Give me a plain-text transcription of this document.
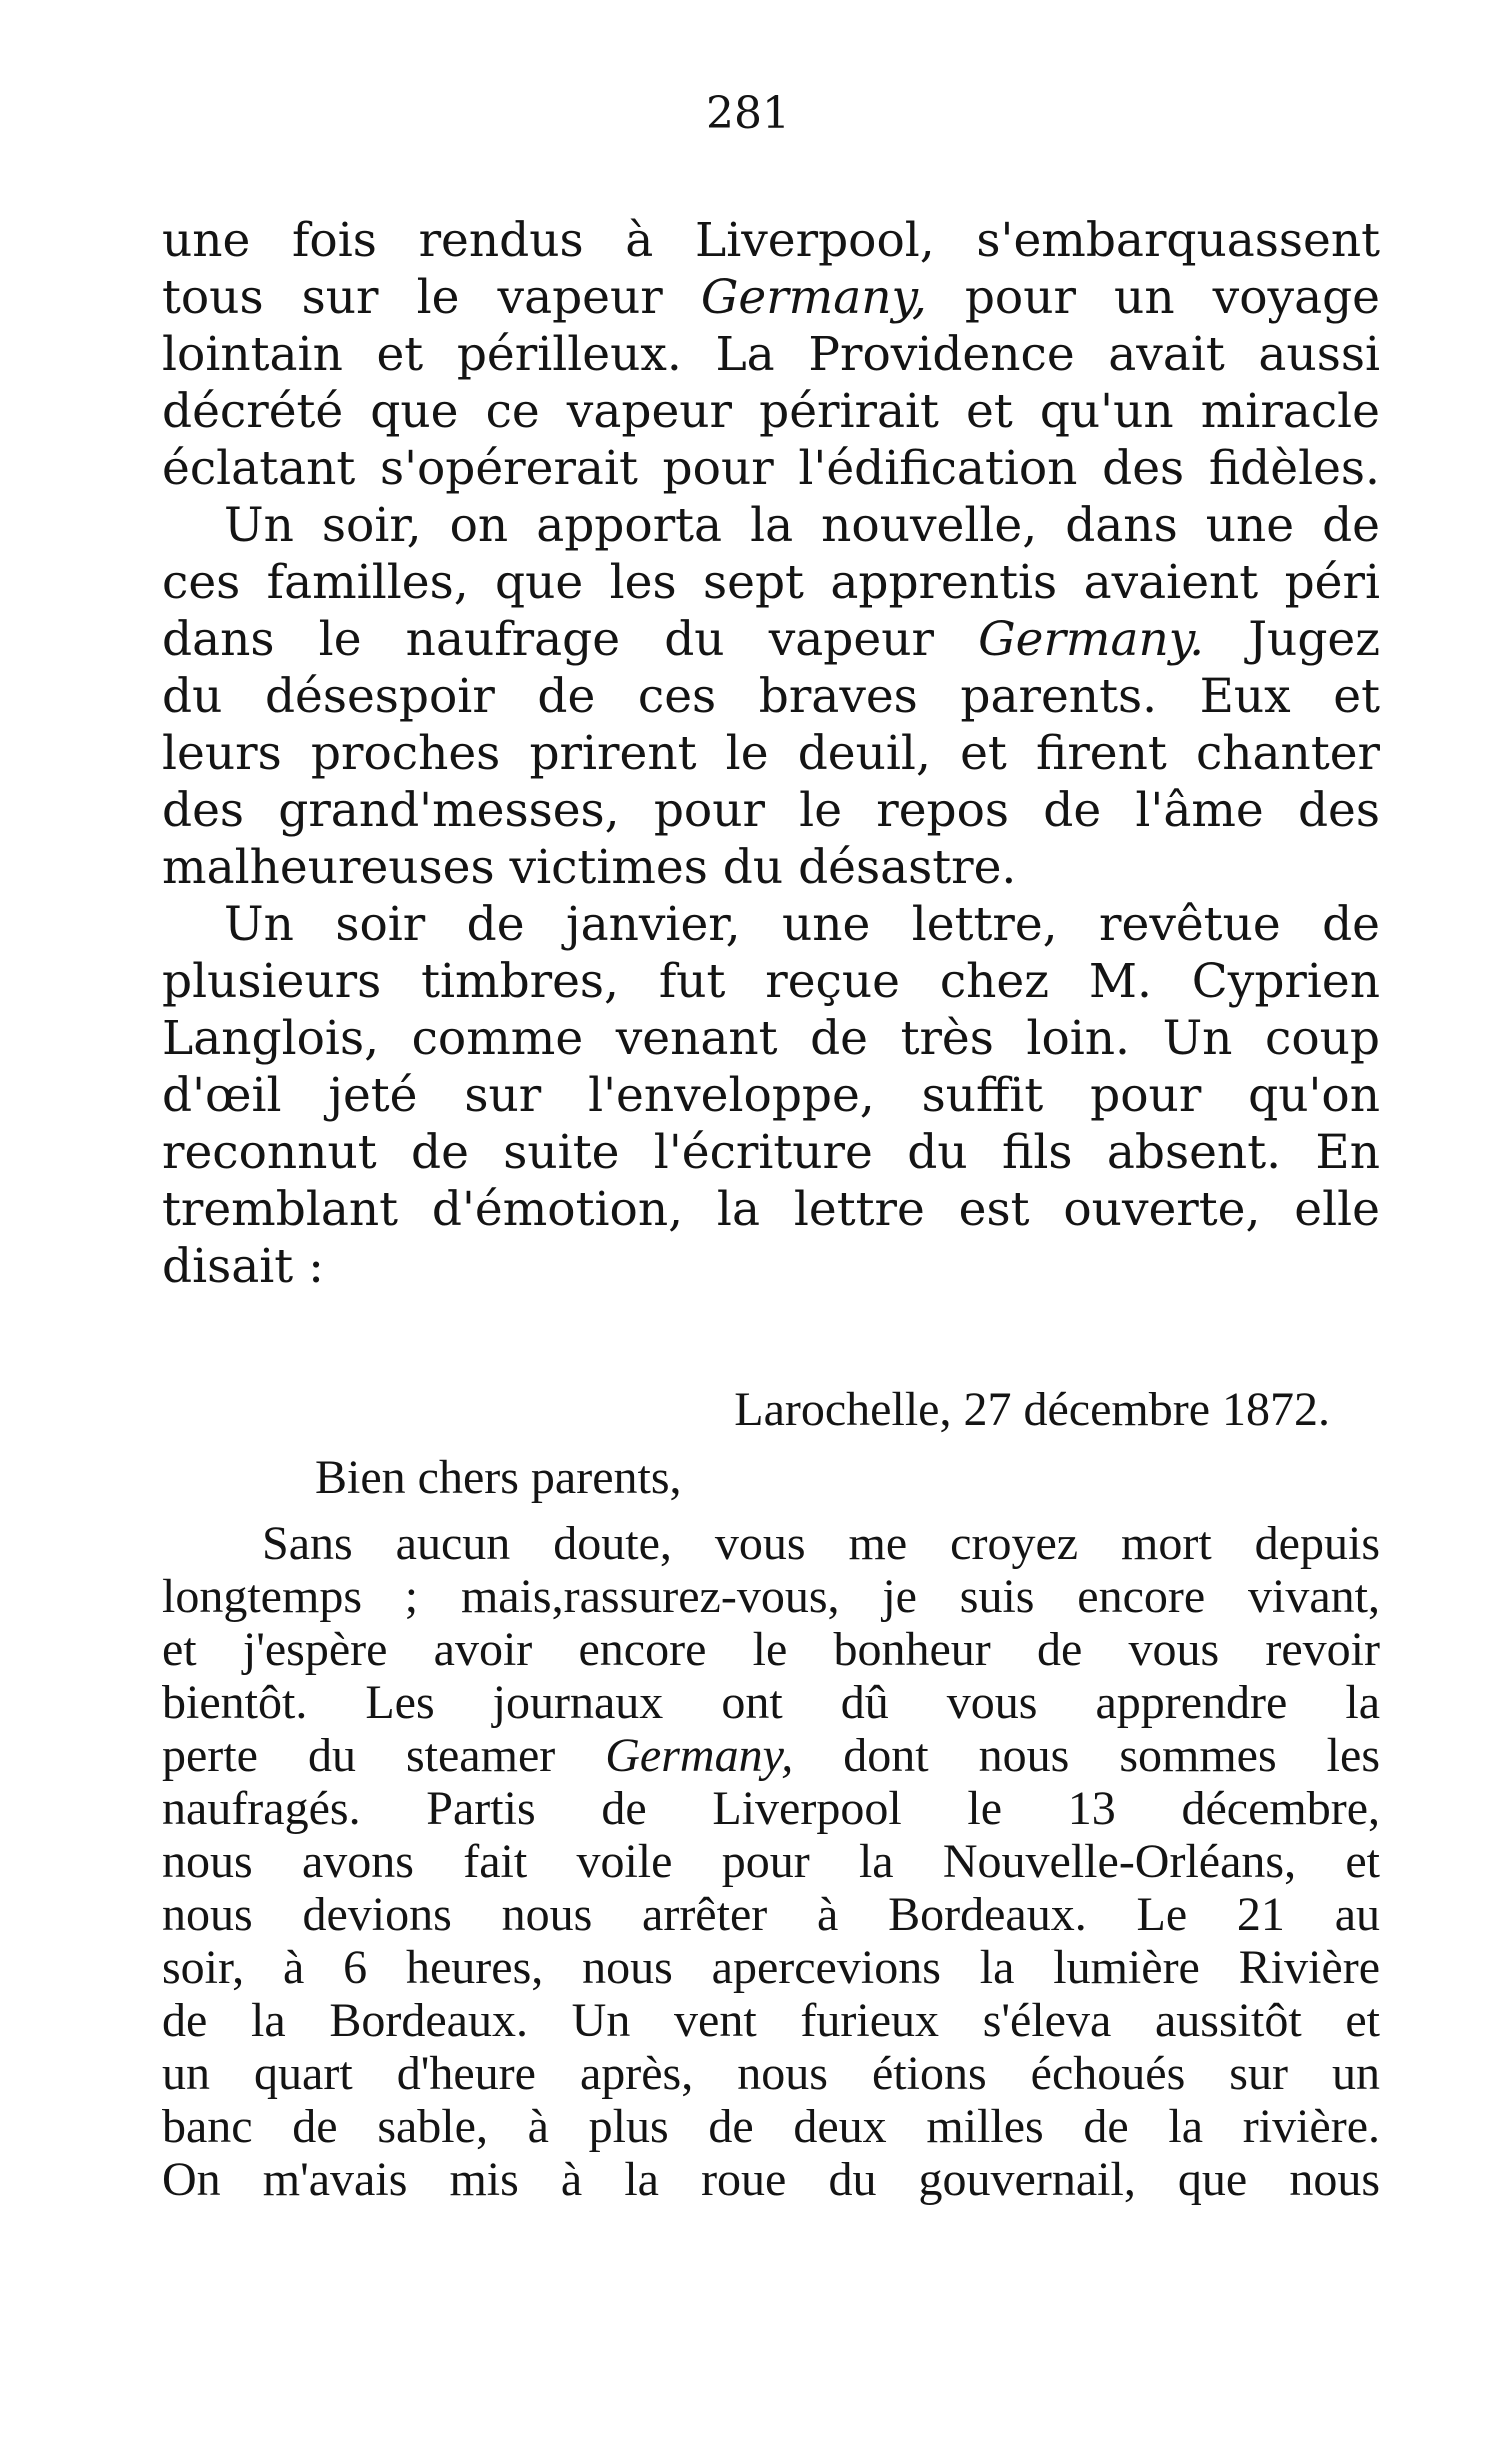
281
une fois rendus à Liverpool, s'embarquassent
tous sur le vapeur Germany, pour un voyage
lointain et périlleux. La Providence avait aussi
décrété que ce vapeur périrait et qu'un miracle
éclatant s'opérerait pour l'édification des fidèles.
Un soir, on apporta la nouvelle, dans une de
ces familles, que les sept apprentis avaient péri
dans le naufrage du vapeur Germany. Jugez
du désespoir de ces braves parents. Eux et
leurs proches prirent le deuil, et firent chanter
des grand'messes, pour le repos de l'âme des
malheureuses victimes du désastre.
Un soir de janvier, une lettre, revêtue de
plusieurs timbres, fut reçue chez M. Cyprien
Langlois, comme venant de très loin. Un coup
d'œil jeté sur l'enveloppe, suffit pour qu'on
reconnut de suite l'écriture du fils absent. En
tremblant d'émotion, la lettre est ouverte, elle
disait :
Larochelle, 27 décembre 1872.
Bien chers parents,
Sans aucun doute, vous me croyez mort depuis
longtemps ; mais,rassurez-vous, je suis encore vivant,
et j'espère avoir encore le bonheur de vous revoir
bientôt. Les journaux ont dû vous apprendre la
perte du steamer Germany, dont nous sommes les
naufragés. Partis de Liverpool le 13 décembre,
nous avons fait voile pour la Nouvelle-Orléans, et
nous devions nous arrêter à Bordeaux. Le 21 au
soir, à 6 heures, nous apercevions la lumière Rivière
de la Bordeaux. Un vent furieux s'éleva aussitôt et
un quart d'heure après, nous étions échoués sur un
banc de sable, à plus de deux milles de la rivière.
On m'avais mis à la roue du gouvernail, que nous
